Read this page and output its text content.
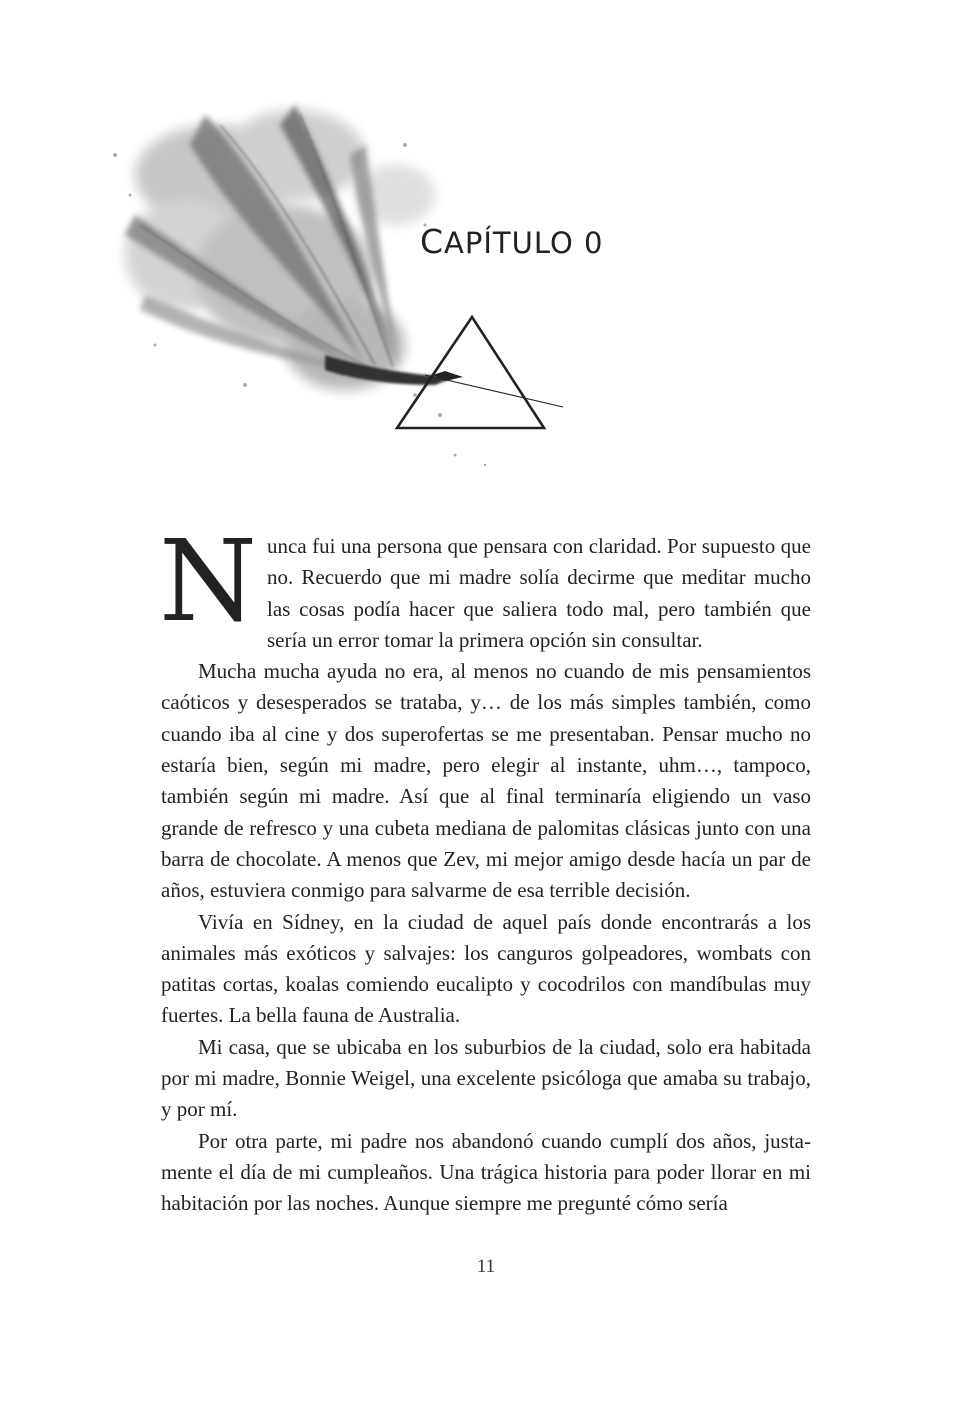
CAPÍTULO 0

Nunca fui una persona que pensara con claridad. Por supuesto que no. Recuerdo que mi madre solía decirme que meditar mucho las cosas podía hacer que saliera todo mal, pero también que sería un error tomar la primera opción sin consultar.

Mucha mucha ayuda no era, al menos no cuando de mis pensamientos caóticos y desesperados se trataba, y… de los más simples también, como cuando iba al cine y dos superofertas se me presentaban. Pensar mucho no estaría bien, según mi madre, pero elegir al instante, uhm…, tampoco, también según mi madre. Así que al final terminaría eligiendo un vaso grande de refresco y una cubeta mediana de palomitas clásicas junto con una barra de chocolate. A menos que Zev, mi mejor amigo desde hacía un par de años, estuviera conmigo para salvarme de esa terrible decisión.

Vivía en Sídney, en la ciudad de aquel país donde encontrarás a los animales más exóticos y salvajes: los canguros golpeadores, wombats con patitas cortas, koalas comiendo eucalipto y cocodrilos con mandíbulas muy fuertes. La bella fauna de Australia.

Mi casa, que se ubicaba en los suburbios de la ciudad, solo era habitada por mi madre, Bonnie Weigel, una excelente psicóloga que amaba su trabajo, y por mí.

Por otra parte, mi padre nos abandonó cuando cumplí dos años, justamente el día de mi cumpleaños. Una trágica historia para poder llorar en mi habitación por las noches. Aunque siempre me pregunté cómo sería

11
